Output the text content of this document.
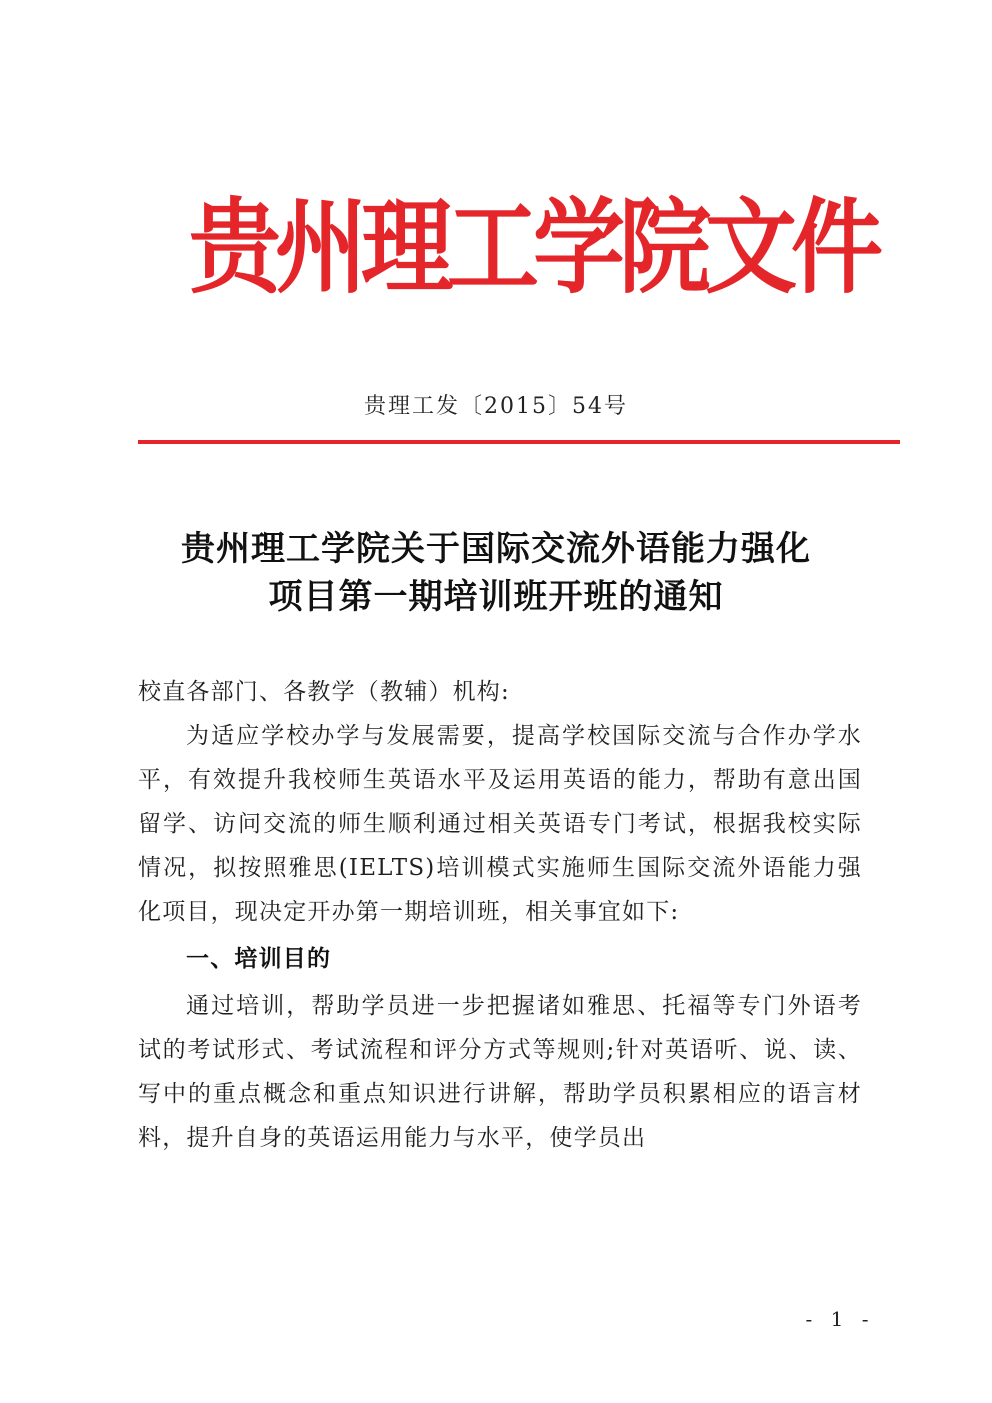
贵州理工学院文件
贵理工发〔2015〕54号
贵州理工学院关于国际交流外语能力强化
项目第一期培训班开班的通知

校直各部门、各教学（教辅）机构:

为适应学校办学与发展需要，提高学校国际交流与合作办学水平，有效提升我校师生英语水平及运用英语的能力，帮助有意出国留学、访问交流的师生顺利通过相关英语专门考试，根据我校实际情况，拟按照雅思(IELTS)培训模式实施师生国际交流外语能力强化项目，现决定开办第一期培训班，相关事宜如下:

一、培训目的

通过培训，帮助学员进一步把握诸如雅思、托福等专门外语考试的考试形式、考试流程和评分方式等规则;针对英语听、说、读、写中的重点概念和重点知识进行讲解，帮助学员积累相应的语言材料，提升自身的英语运用能力与水平，使学员出

- 1 -
